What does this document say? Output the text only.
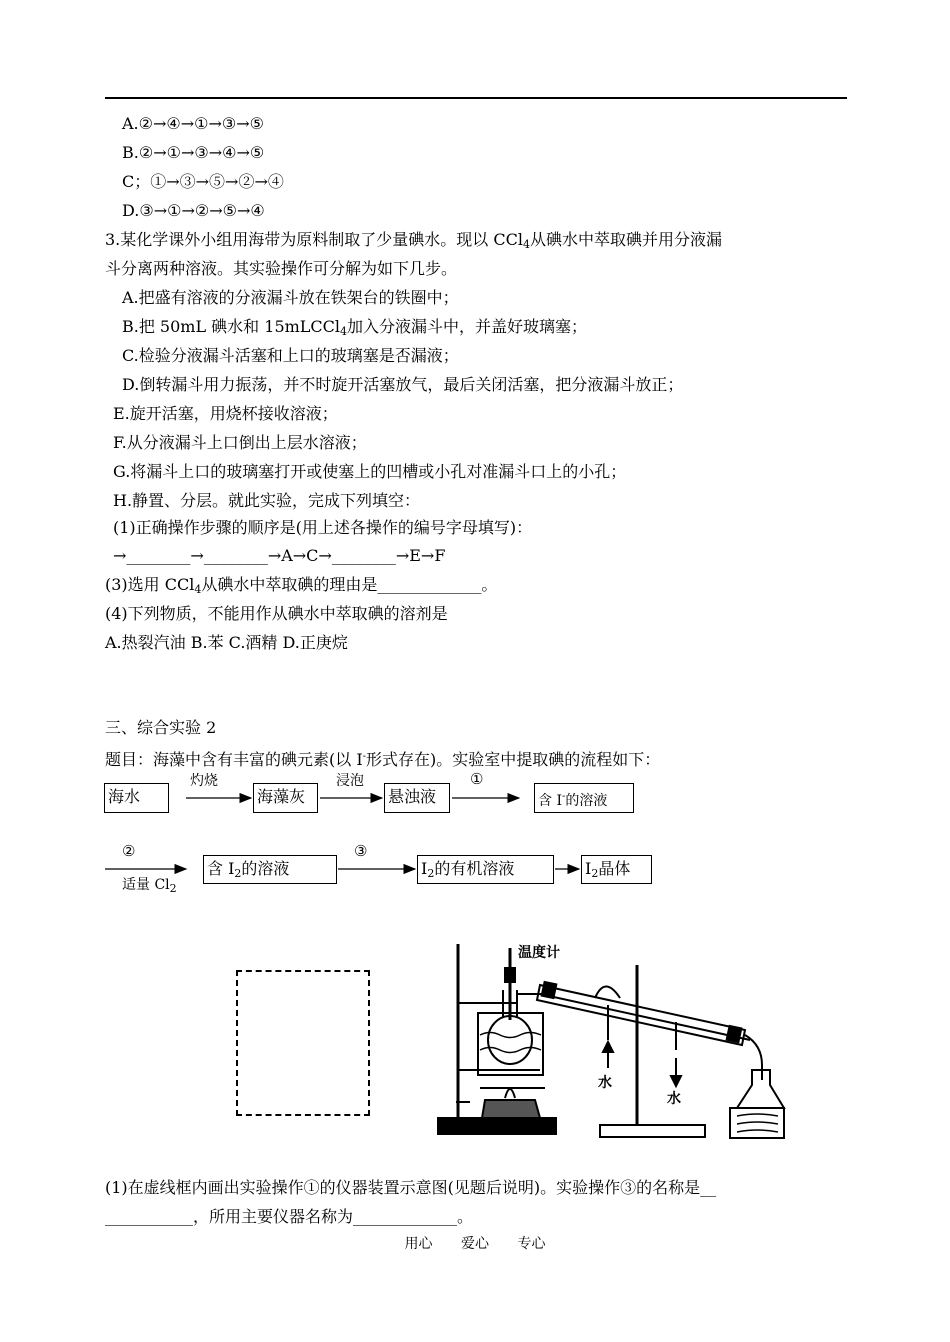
A.②→④→①→③→⑤
B.②→①→③→④→⑤
C；①→③→⑤→②→④
D.③→①→②→⑤→④
3.某化学课外小组用海带为原料制取了少量碘水。现以 CCl$_4$从碘水中萃取碘并用分液漏
斗分离两种溶液。其实验操作可分解为如下几步。
A.把盛有溶液的分液漏斗放在铁架台的铁圈中；
B.把 50mL 碘水和 15mLCCl$_4$加入分液漏斗中，并盖好玻璃塞；
C.检验分液漏斗活塞和上口的玻璃塞是否漏液；
D.倒转漏斗用力振荡，并不时旋开活塞放气，最后关闭活塞，把分液漏斗放正；
E.旋开活塞，用烧杯接收溶液；
F.从分液漏斗上口倒出上层水溶液；
G.将漏斗上口的玻璃塞打开或使塞上的凹槽或小孔对准漏斗口上的小孔；
H.静置、分层。就此实验，完成下列填空：
(1)正确操作步骤的顺序是(用上述各操作的编号字母填写)：
→________→________→A→C→________→E→F
(3)选用 CCl$_4$从碘水中萃取碘的理由是_____________。
(4)下列物质，不能用作从碘水中萃取碘的溶剂是
A.热裂汽油 B.苯 C.酒精 D.正庚烷
三、综合实验 2
题目：海藻中含有丰富的碘元素(以 I-形式存在)。实验室中提取碘的流程如下：
海水
灼烧
海藻灰
浸泡
悬浊液
①
含 I-的溶液
②
适量 $Cl_2$
含 $I_2$的溶液
③
$I_2$的有机溶液	$I_2$晶体
温度计
水
水
(1)在虚线框内画出实验操作①的仪器装置示意图(见题后说明)。实验操作③的名称是__
___________，所用主要仪器名称为_____________。
用心 爱心 专心
